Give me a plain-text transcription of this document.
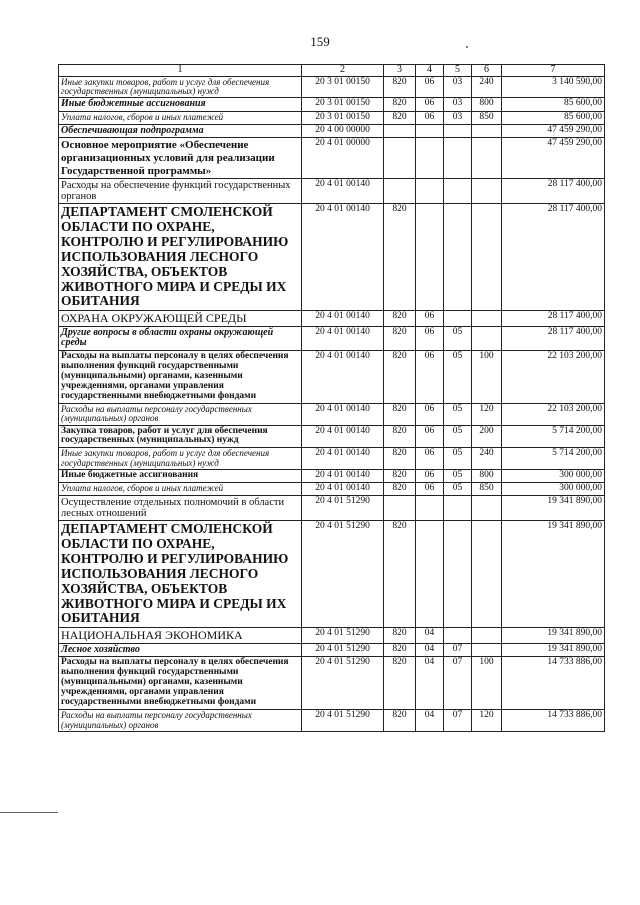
159
1	2	3	4	5	6	7
Иные закупки товаров, работ и услуг для обеспечения государственных (муниципальных) нужд	20 3 01 00150	820	06	03	240	3 140 590,00
Иные бюджетные ассигнования	20 3 01 00150	820	06	03	800	85 600,00
Уплата налогов, сборов и иных платежей	20 3 01 00150	820	06	03	850	85 600,00
Обеспечивающая подпрограмма	20 4 00 00000					47 459 290,00
Основное мероприятие «Обеспечение организационных условий для реализации Государственной программы»	20 4 01 00000					47 459 290,00
Расходы на обеспечение функций государственных органов	20 4 01 00140					28 117 400,00
ДЕПАРТАМЕНТ СМОЛЕНСКОЙ ОБЛАСТИ ПО ОХРАНЕ, КОНТРОЛЮ И РЕГУЛИРОВАНИЮ ИСПОЛЬЗОВАНИЯ ЛЕСНОГО ХОЗЯЙСТВА, ОБЪЕКТОВ ЖИВОТНОГО МИРА И СРЕДЫ ИХ ОБИТАНИЯ	20 4 01 00140	820				28 117 400,00
ОХРАНА ОКРУЖАЮЩЕЙ СРЕДЫ	20 4 01 00140	820	06			28 117 400,00
Другие вопросы в области охраны окружающей среды	20 4 01 00140	820	06	05		28 117 400,00
Расходы на выплаты персоналу в целях обеспечения выполнения функций государственными (муниципальными) органами, казенными учреждениями, органами управления государственными внебюджетными фондами	20 4 01 00140	820	06	05	100	22 103 200,00
Расходы на выплаты персоналу государственных (муниципальных) органов	20 4 01 00140	820	06	05	120	22 103 200,00
Закупка товаров, работ и услуг для обеспечения государственных (муниципальных) нужд	20 4 01 00140	820	06	05	200	5 714 200,00
Иные закупки товаров, работ и услуг для обеспечения государственных (муниципальных) нужд	20 4 01 00140	820	06	05	240	5 714 200,00
Иные бюджетные ассигнования	20 4 01 00140	820	06	05	800	300 000,00
Уплата налогов, сборов и иных платежей	20 4 01 00140	820	06	05	850	300 000,00
Осуществление отдельных полномочий в области лесных отношений	20 4 01 51290					19 341 890,00
ДЕПАРТАМЕНТ СМОЛЕНСКОЙ ОБЛАСТИ ПО ОХРАНЕ, КОНТРОЛЮ И РЕГУЛИРОВАНИЮ ИСПОЛЬЗОВАНИЯ ЛЕСНОГО ХОЗЯЙСТВА, ОБЪЕКТОВ ЖИВОТНОГО МИРА И СРЕДЫ ИХ ОБИТАНИЯ	20 4 01 51290	820				19 341 890,00
НАЦИОНАЛЬНАЯ ЭКОНОМИКА	20 4 01 51290	820	04			19 341 890,00
Лесное хозяйство	20 4 01 51290	820	04	07		19 341 890,00
Расходы на выплаты персоналу в целях обеспечения выполнения функций государственными (муниципальными) органами, казенными учреждениями, органами управления государственными внебюджетными фондами	20 4 01 51290	820	04	07	100	14 733 886,00
Расходы на выплаты персоналу государственных (муниципальных) органов	20 4 01 51290	820	04	07	120	14 733 886,00
